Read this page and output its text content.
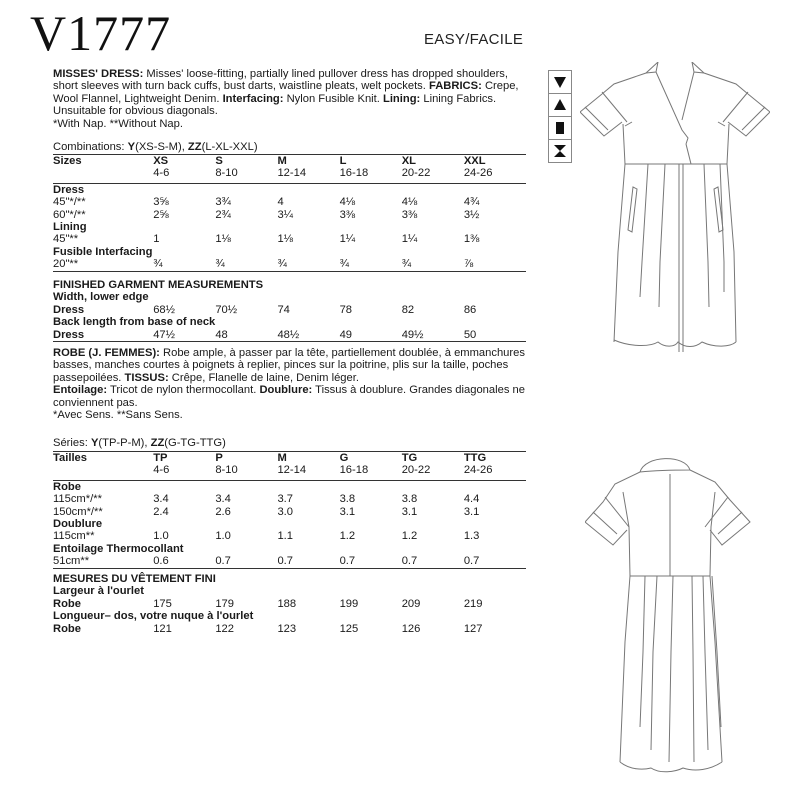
V1777	EASY/FACILE
MISSES' DRESS: Misses' loose-fitting, partially lined pullover dress has dropped shoulders, short sleeves with turn back cuffs, bust darts, waistline pleats, welt pockets. FABRICS: Crepe, Wool Flannel, Lightweight Denim. Interfacing: Nylon Fusible Knit. Lining: Lining Fabrics. Unsuitable for obvious diagonals.
*With Nap. **Without Nap.
Combinations: Y(XS-S-M), ZZ(L-XL-XXL)
Sizes	XS	S	M	L	XL	XXL
	4-6	8-10	12-14	16-18	20-22	24-26
Dress						
45"*/**	3⅝	3¾	4	4⅛	4⅛	4¾
60"*/**	2⅝	2¾	3¼	3⅜	3⅜	3½
Lining						
45"**	1	1⅛	1⅛	1¼	1¼	1⅜
Fusible Interfacing						
20"**	¾	¾	¾	¾	¾	⅞
FINISHED GARMENT MEASUREMENTS						
Width, lower edge						
Dress	68½	70½	74	78	82	86
Back length from base of neck						
Dress	47½	48	48½	49	49½	50
ROBE (J. FEMMES): Robe ample, à passer par la tête, partiellement doublée, à emmanchures basses, manches courtes à poignets à replier, pinces sur la poitrine, plis sur la taille, poches passepoilées. TISSUS: Crêpe, Flanelle de laine, Denim léger.
Entoilage: Tricot de nylon thermocollant. Doublure: Tissus à doublure. Grandes diagonales ne conviennent pas.
*Avec Sens. **Sans Sens.
Séries: Y(TP-P-M), ZZ(G-TG-TTG)
Tailles	TP	P	M	G	TG	TTG
	4-6	8-10	12-14	16-18	20-22	24-26
Robe						
115cm*/**	3.4	3.4	3.7	3.8	3.8	4.4
150cm*/**	2.4	2.6	3.0	3.1	3.1	3.1
Doublure						
115cm**	1.0	1.0	1.1	1.2	1.2	1.3
Entoilage Thermocollant						
51cm**	0.6	0.7	0.7	0.7	0.7	0.7
MESURES DU VÊTEMENT FINI						
Largeur à l'ourlet						
Robe	175	179	188	199	209	219
Longueur– dos, votre nuque à l'ourlet						
Robe	121	122	123	125	126	127
